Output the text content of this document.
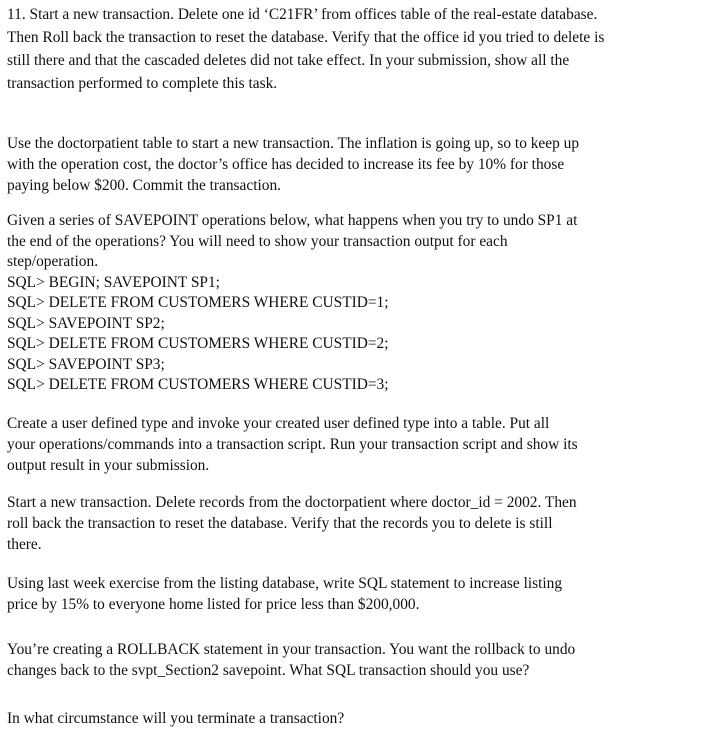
11. Start a new transaction. Delete one id ‘C21FR’ from offices table of the real-estate database.
Then Roll back the transaction to reset the database. Verify that the office id you tried to delete is
still there and that the cascaded deletes did not take effect. In your submission, show all the
transaction performed to complete this task.
Use the doctorpatient table to start a new transaction. The inflation is going up, so to keep up
with the operation cost, the doctor’s office has decided to increase its fee by 10% for those
paying below $200. Commit the transaction.
Given a series of SAVEPOINT operations below, what happens when you try to undo SP1 at
the end of the operations? You will need to show your transaction output for each
step/operation.
SQL> BEGIN; SAVEPOINT SP1;
SQL> DELETE FROM CUSTOMERS WHERE CUSTID=1;
SQL> SAVEPOINT SP2;
SQL> DELETE FROM CUSTOMERS WHERE CUSTID=2;
SQL> SAVEPOINT SP3;
SQL> DELETE FROM CUSTOMERS WHERE CUSTID=3;
Create a user defined type and invoke your created user defined type into a table. Put all
your operations/commands into a transaction script. Run your transaction script and show its
output result in your submission.
Start a new transaction. Delete records from the doctorpatient where doctor_id = 2002. Then
roll back the transaction to reset the database. Verify that the records you to delete is still
there.
Using last week exercise from the listing database, write SQL statement to increase listing
price by 15% to everyone home listed for price less than $200,000.
You’re creating a ROLLBACK statement in your transaction. You want the rollback to undo
changes back to the svpt_Section2 savepoint. What SQL transaction should you use?
In what circumstance will you terminate a transaction?
